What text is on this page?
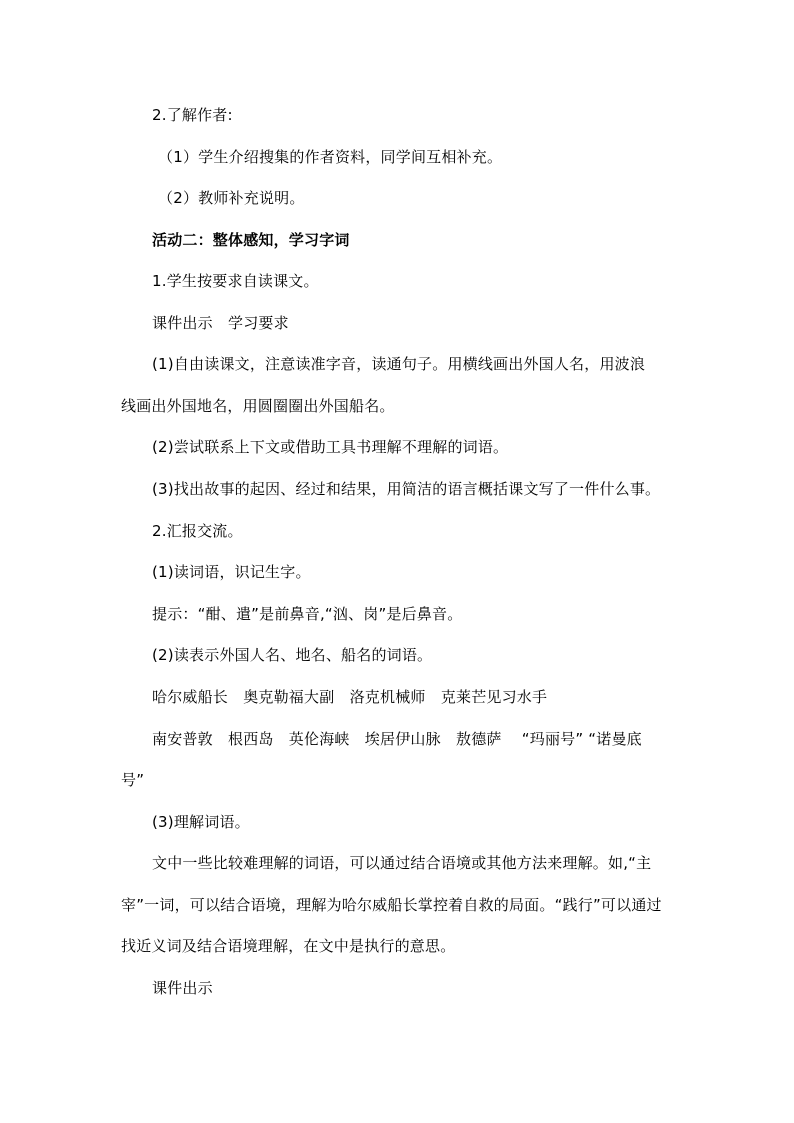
2.了解作者:
（1）学生介绍搜集的作者资料，同学间互相补充。
（2）教师补充说明。
活动二：整体感知，学习字词
1.学生按要求自读课文。
课件出示　学习要求
(1)自由读课文，注意读准字音，读通句子。用横线画出外国人名，用波浪
线画出外国地名，用圆圈圈出外国船名。
(2)尝试联系上下文或借助工具书理解不理解的词语。
(3)找出故事的起因、经过和结果，用简洁的语言概括课文写了一件什么事。
2.汇报交流。
(1)读词语，识记生字。
提示：“酣、遣”是前鼻音,“汹、岗”是后鼻音。
(2)读表示外国人名、地名、船名的词语。
哈尔威船长　奥克勒福大副　洛克机械师　克莱芒见习水手
南安普敦　根西岛　英伦海峡　埃居伊山脉　敖德萨　 “玛丽号” “诺曼底
号”
(3)理解词语。
文中一些比较难理解的词语，可以通过结合语境或其他方法来理解。如,“主
宰”一词，可以结合语境，理解为哈尔威船长掌控着自救的局面。“践行”可以通过
找近义词及结合语境理解，在文中是执行的意思。
课件出示
